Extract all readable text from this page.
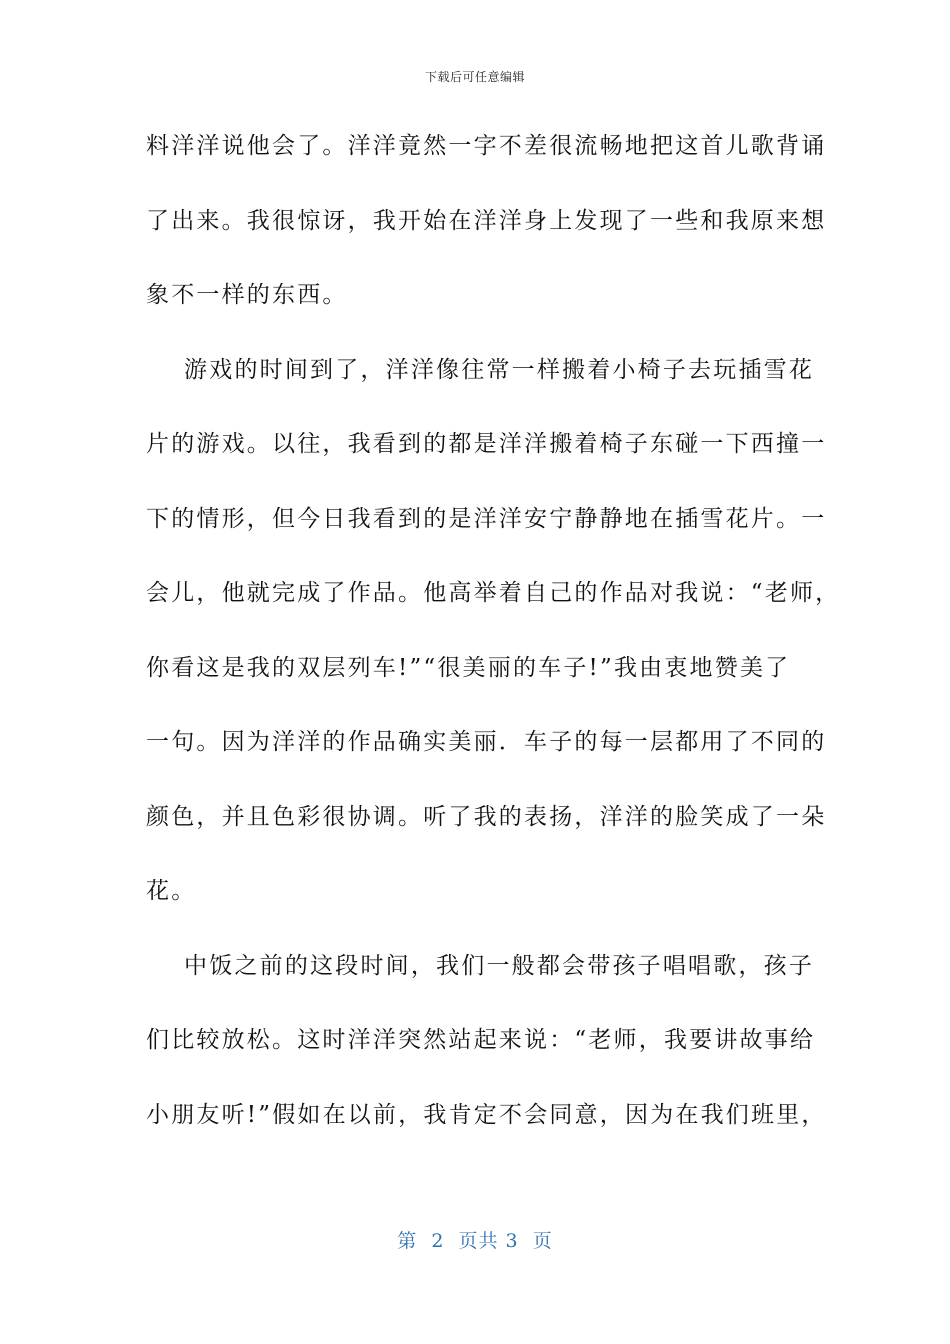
下载后可任意编辑
料洋洋说他会了。洋洋竟然一字不差很流畅地把这首儿歌背诵
了出来。我很惊讶，我开始在洋洋身上发现了一些和我原来想
象不一样的东西。
游戏的时间到了，洋洋像往常一样搬着小椅子去玩插雪花
片的游戏。以往，我看到的都是洋洋搬着椅子东碰一下西撞一
下的情形，但今日我看到的是洋洋安宁静静地在插雪花片。一
会儿，他就完成了作品。他高举着自己的作品对我说：“老师，
你看这是我的双层列车!”“很美丽的车子!”我由衷地赞美了
一句。因为洋洋的作品确实美丽．车子的每一层都用了不同的
颜色，并且色彩很协调。听了我的表扬，洋洋的脸笑成了一朵
花。
中饭之前的这段时间，我们一般都会带孩子唱唱歌，孩子
们比较放松。这时洋洋突然站起来说：“老师，我要讲故事给
小朋友听!”假如在以前，我肯定不会同意，因为在我们班里，
第  2  页共 3  页
